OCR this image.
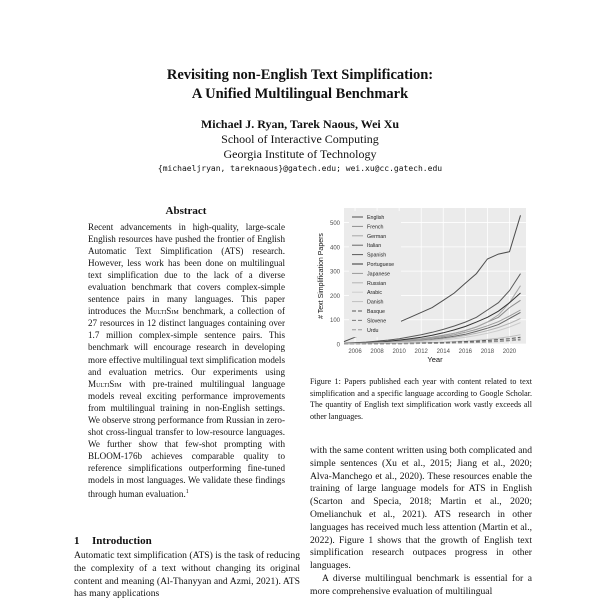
Revisiting non-English Text Simplification:
A Unified Multilingual Benchmark
Michael J. Ryan, Tarek Naous, Wei Xu
School of Interactive Computing
Georgia Institute of Technology
{michaeljryan, tareknaous}@gatech.edu; wei.xu@cc.gatech.edu
Abstract

Recent advancements in high-quality, large-scale English resources have pushed the frontier of English Automatic Text Simplification (ATS) research. However, less work has been done on multilingual text simplification due to the lack of a diverse evaluation benchmark that covers complex-simple sentence pairs in many languages. This paper introduces the MultiSim benchmark, a collection of 27 resources in 12 distinct languages containing over 1.7 million complex-simple sentence pairs. This benchmark will encourage research in developing more effective multilingual text simplification models and evaluation metrics. Our experiments using MultiSim with pre-trained multilingual language models reveal exciting performance improvements from multilingual training in non-English settings. We observe strong performance from Russian in zero-shot cross-lingual transfer to low-resource languages. We further show that few-shot prompting with BLOOM-176b achieves comparable quality to reference simplifications outperforming fine-tuned models in most languages. We validate these findings through human evaluation.$^1$

1 Introduction

Automatic text simplification (ATS) is the task of reducing the complexity of a text without changing its original content and meaning (Al-Thanyyan and Azmi, 2021). ATS has many applications

0
100
200
300
400
500
2006 2008 2010 2012 2014 2016 2018 2020
Year
# Text Simplification Papers
English
French
German
Italian
Spanish
Portuguese
Japanese
Russian
Arabic
Danish
Basque
Slovene
Urdu
Figure 1: Papers published each year with content related to text simplification and a specific language according to Google Scholar. The quantity of English text simplification work vastly exceeds all other languages.

with the same content written using both complicated and simple sentences (Xu et al., 2015; Jiang et al., 2020; Alva-Manchego et al., 2020). These resources enable the training of large language models for ATS in English (Scarton and Specia, 2018; Martin et al., 2020; Omelianchuk et al., 2021). ATS research in other languages has received much less attention (Martin et al., 2022). Figure 1 shows that the growth of English text simplification research outpaces progress in other languages.

A diverse multilingual benchmark is essential for a more comprehensive evaluation of multilingual
